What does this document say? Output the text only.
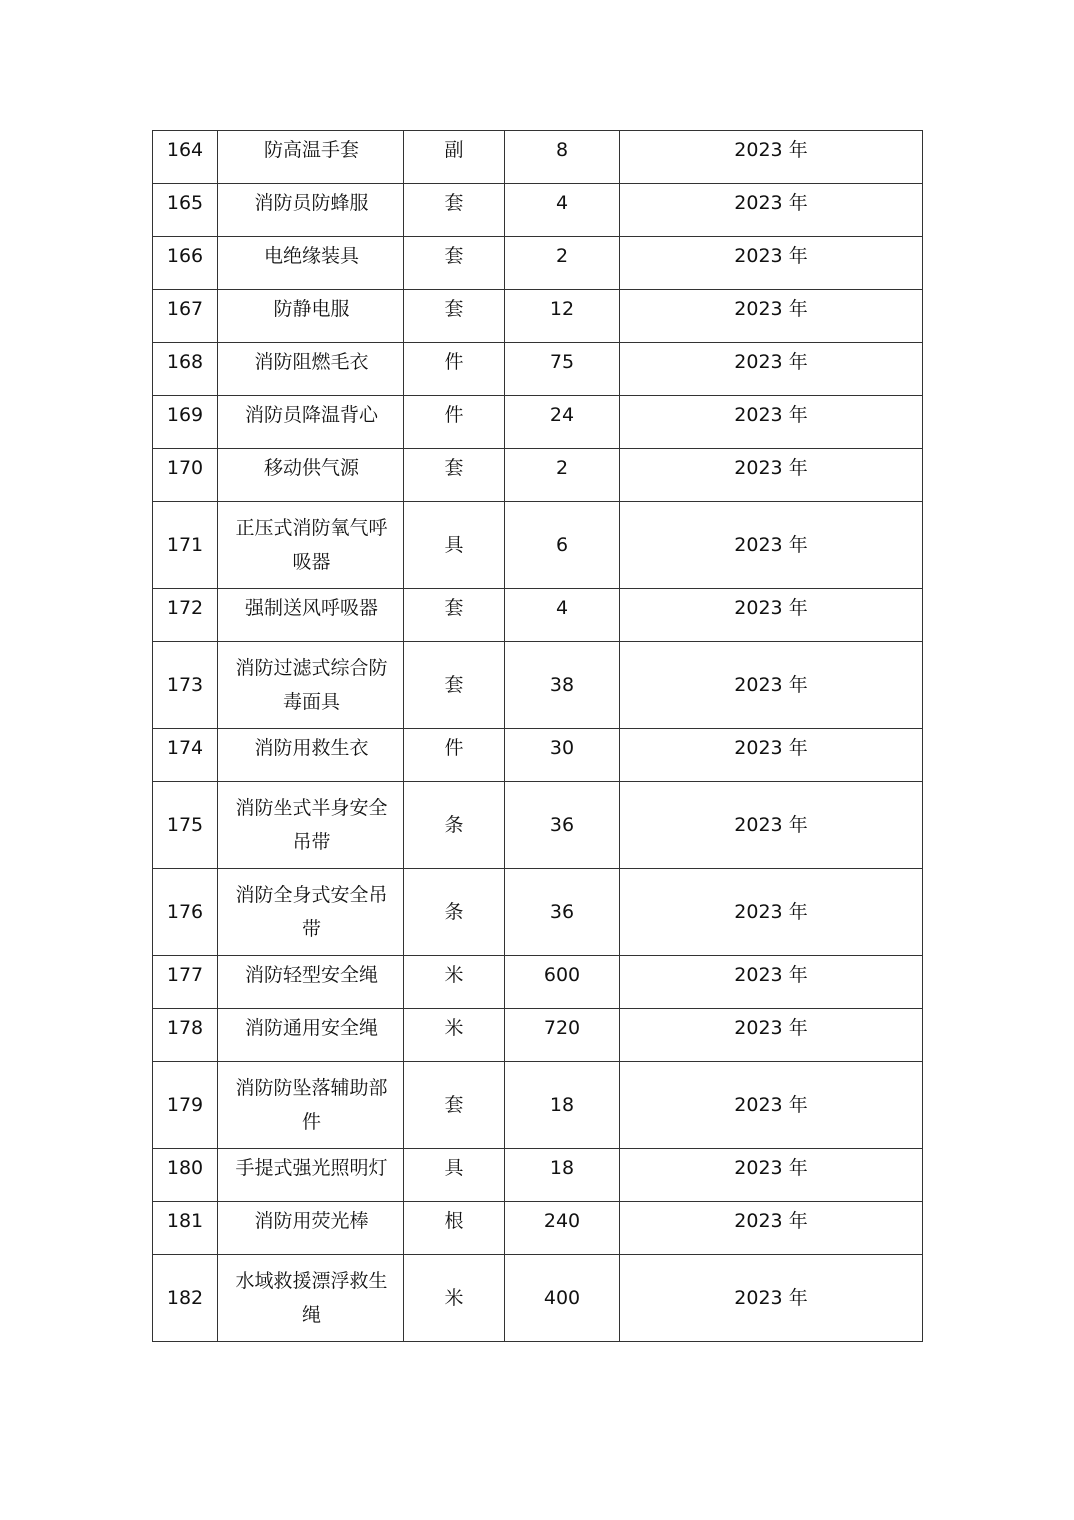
164	防高温手套	副	8	2023 年
165	消防员防蜂服	套	4	2023 年
166	电绝缘装具	套	2	2023 年
167	防静电服	套	12	2023 年
168	消防阻燃毛衣	件	75	2023 年
169	消防员降温背心	件	24	2023 年
170	移动供气源	套	2	2023 年
171	正压式消防氧气呼吸器	具	6	2023 年
172	强制送风呼吸器	套	4	2023 年
173	消防过滤式综合防毒面具	套	38	2023 年
174	消防用救生衣	件	30	2023 年
175	消防坐式半身安全吊带	条	36	2023 年
176	消防全身式安全吊带	条	36	2023 年
177	消防轻型安全绳	米	600	2023 年
178	消防通用安全绳	米	720	2023 年
179	消防防坠落辅助部件	套	18	2023 年
180	手提式强光照明灯	具	18	2023 年
181	消防用荧光棒	根	240	2023 年
182	水域救援漂浮救生绳	米	400	2023 年
